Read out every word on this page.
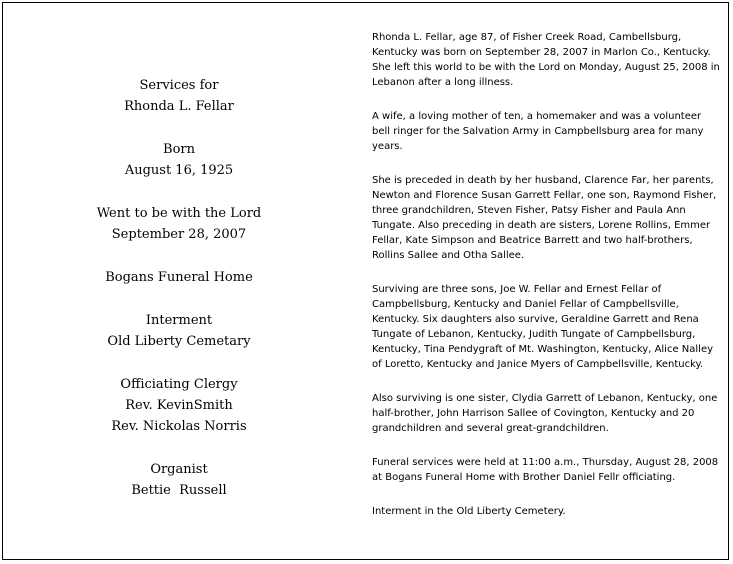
Services for
Rhonda L. Fellar
Born
August 16, 1925
Went to be with the Lord
September 28, 2007
Bogans Funeral Home
Interment
Old Liberty Cemetary
Officiating Clergy
Rev. KevinSmith
Rev. Nickolas Norris
Organist
Bettie  Russell

Rhonda L. Fellar, age 87, of Fisher Creek Road, Cambellsburg, Kentucky was born on September 28, 2007 in Marlon Co., Kentucky. She left this world to be with the Lord on Monday, August 25, 2008 in Lebanon after a long illness.

A wife, a loving mother of ten, a homemaker and was a volunteer bell ringer for the Salvation Army in Campbellsburg area for many years.

She is preceded in death by her husband, Clarence Far, her parents, Newton and Florence Susan Garrett Fellar, one son, Raymond Fisher, three grandchildren, Steven Fisher, Patsy Fisher and Paula Ann Tungate. Also preceding in death are sisters, Lorene Rollins, Emmer Fellar, Kate Simpson and Beatrice Barrett and two half-brothers, Rollins Sallee and Otha Sallee.

Surviving are three sons, Joe W. Fellar and Ernest Fellar of Campbellsburg, Kentucky and Daniel Fellar of Campbellsville, Kentucky. Six daughters also survive, Geraldine Garrett and Rena Tungate of Lebanon, Kentucky, Judith Tungate of Campbellsburg, Kentucky, Tina Pendygraft of Mt. Washington, Kentucky, Alice Nalley of Loretto, Kentucky and Janice Myers of Campbellsville, Kentucky.

Also surviving is one sister, Clydia Garrett of Lebanon, Kentucky, one half-brother, John Harrison Sallee of Covington, Kentucky and 20 grandchildren and several great-grandchildren.

Funeral services were held at 11:00 a.m., Thursday, August 28, 2008 at Bogans Funeral Home with Brother Daniel Fellr officiating.

Interment in the Old Liberty Cemetery.
